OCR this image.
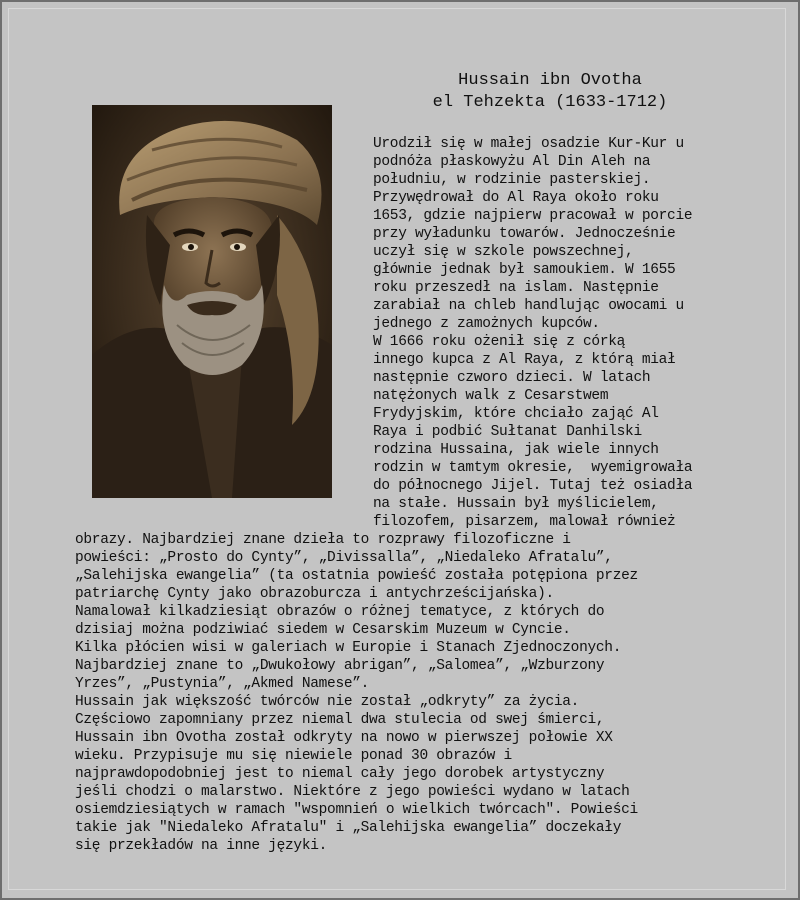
Hussain ibn Ovotha
el Tehzekta (1633-1712)
Urodził się w małej osadzie Kur-Kur u
podnóża płaskowyżu Al Din Aleh na
południu, w rodzinie pasterskiej.
Przywędrował do Al Raya około roku
1653, gdzie najpierw pracował w porcie
przy wyładunku towarów. Jednocześnie
uczył się w szkole powszechnej,
głównie jednak był samoukiem. W 1655
roku przeszedł na islam. Następnie
zarabiał na chleb handlując owocami u
jednego z zamożnych kupców.
W 1666 roku ożenił się z córką
innego kupca z Al Raya, z którą miał
następnie czworo dzieci. W latach
natężonych walk z Cesarstwem
Frydyjskim, które chciało zająć Al
Raya i podbić Sułtanat Danhilski
rodzina Hussaina, jak wiele innych
rodzin w tamtym okresie,  wyemigrowała
do północnego Jijel. Tutaj też osiadła
na stałe. Hussain był myślicielem,
filozofem, pisarzem, malował również
obrazy. Najbardziej znane dzieła to rozprawy filozoficzne i
powieści: „Prosto do Cynty”, „Divissalla”, „Niedaleko Afratalu”,
„Salehijska ewangelia” (ta ostatnia powieść została potępiona przez
patriarchę Cynty jako obrazoburcza i antychrześcijańska).
Namalował kilkadziesiąt obrazów o różnej tematyce, z których do
dzisiaj można podziwiać siedem w Cesarskim Muzeum w Cyncie.
Kilka płócien wisi w galeriach w Europie i Stanach Zjednoczonych.
Najbardziej znane to „Dwukołowy abrigan”, „Salomea”, „Wzburzony
Yrzes”, „Pustynia”, „Akmed Namese”.
Hussain jak większość twórców nie został „odkryty” za życia.
Częściowo zapomniany przez niemal dwa stulecia od swej śmierci,
Hussain ibn Ovotha został odkryty na nowo w pierwszej połowie XX
wieku. Przypisuje mu się niewiele ponad 30 obrazów i
najprawdopodobniej jest to niemal cały jego dorobek artystyczny
jeśli chodzi o malarstwo. Niektóre z jego powieści wydano w latach
osiemdziesiątych w ramach "wspomnień o wielkich twórcach". Powieści
takie jak "Niedaleko Afratalu" i „Salehijska ewangelia” doczekały
się przekładów na inne języki.
